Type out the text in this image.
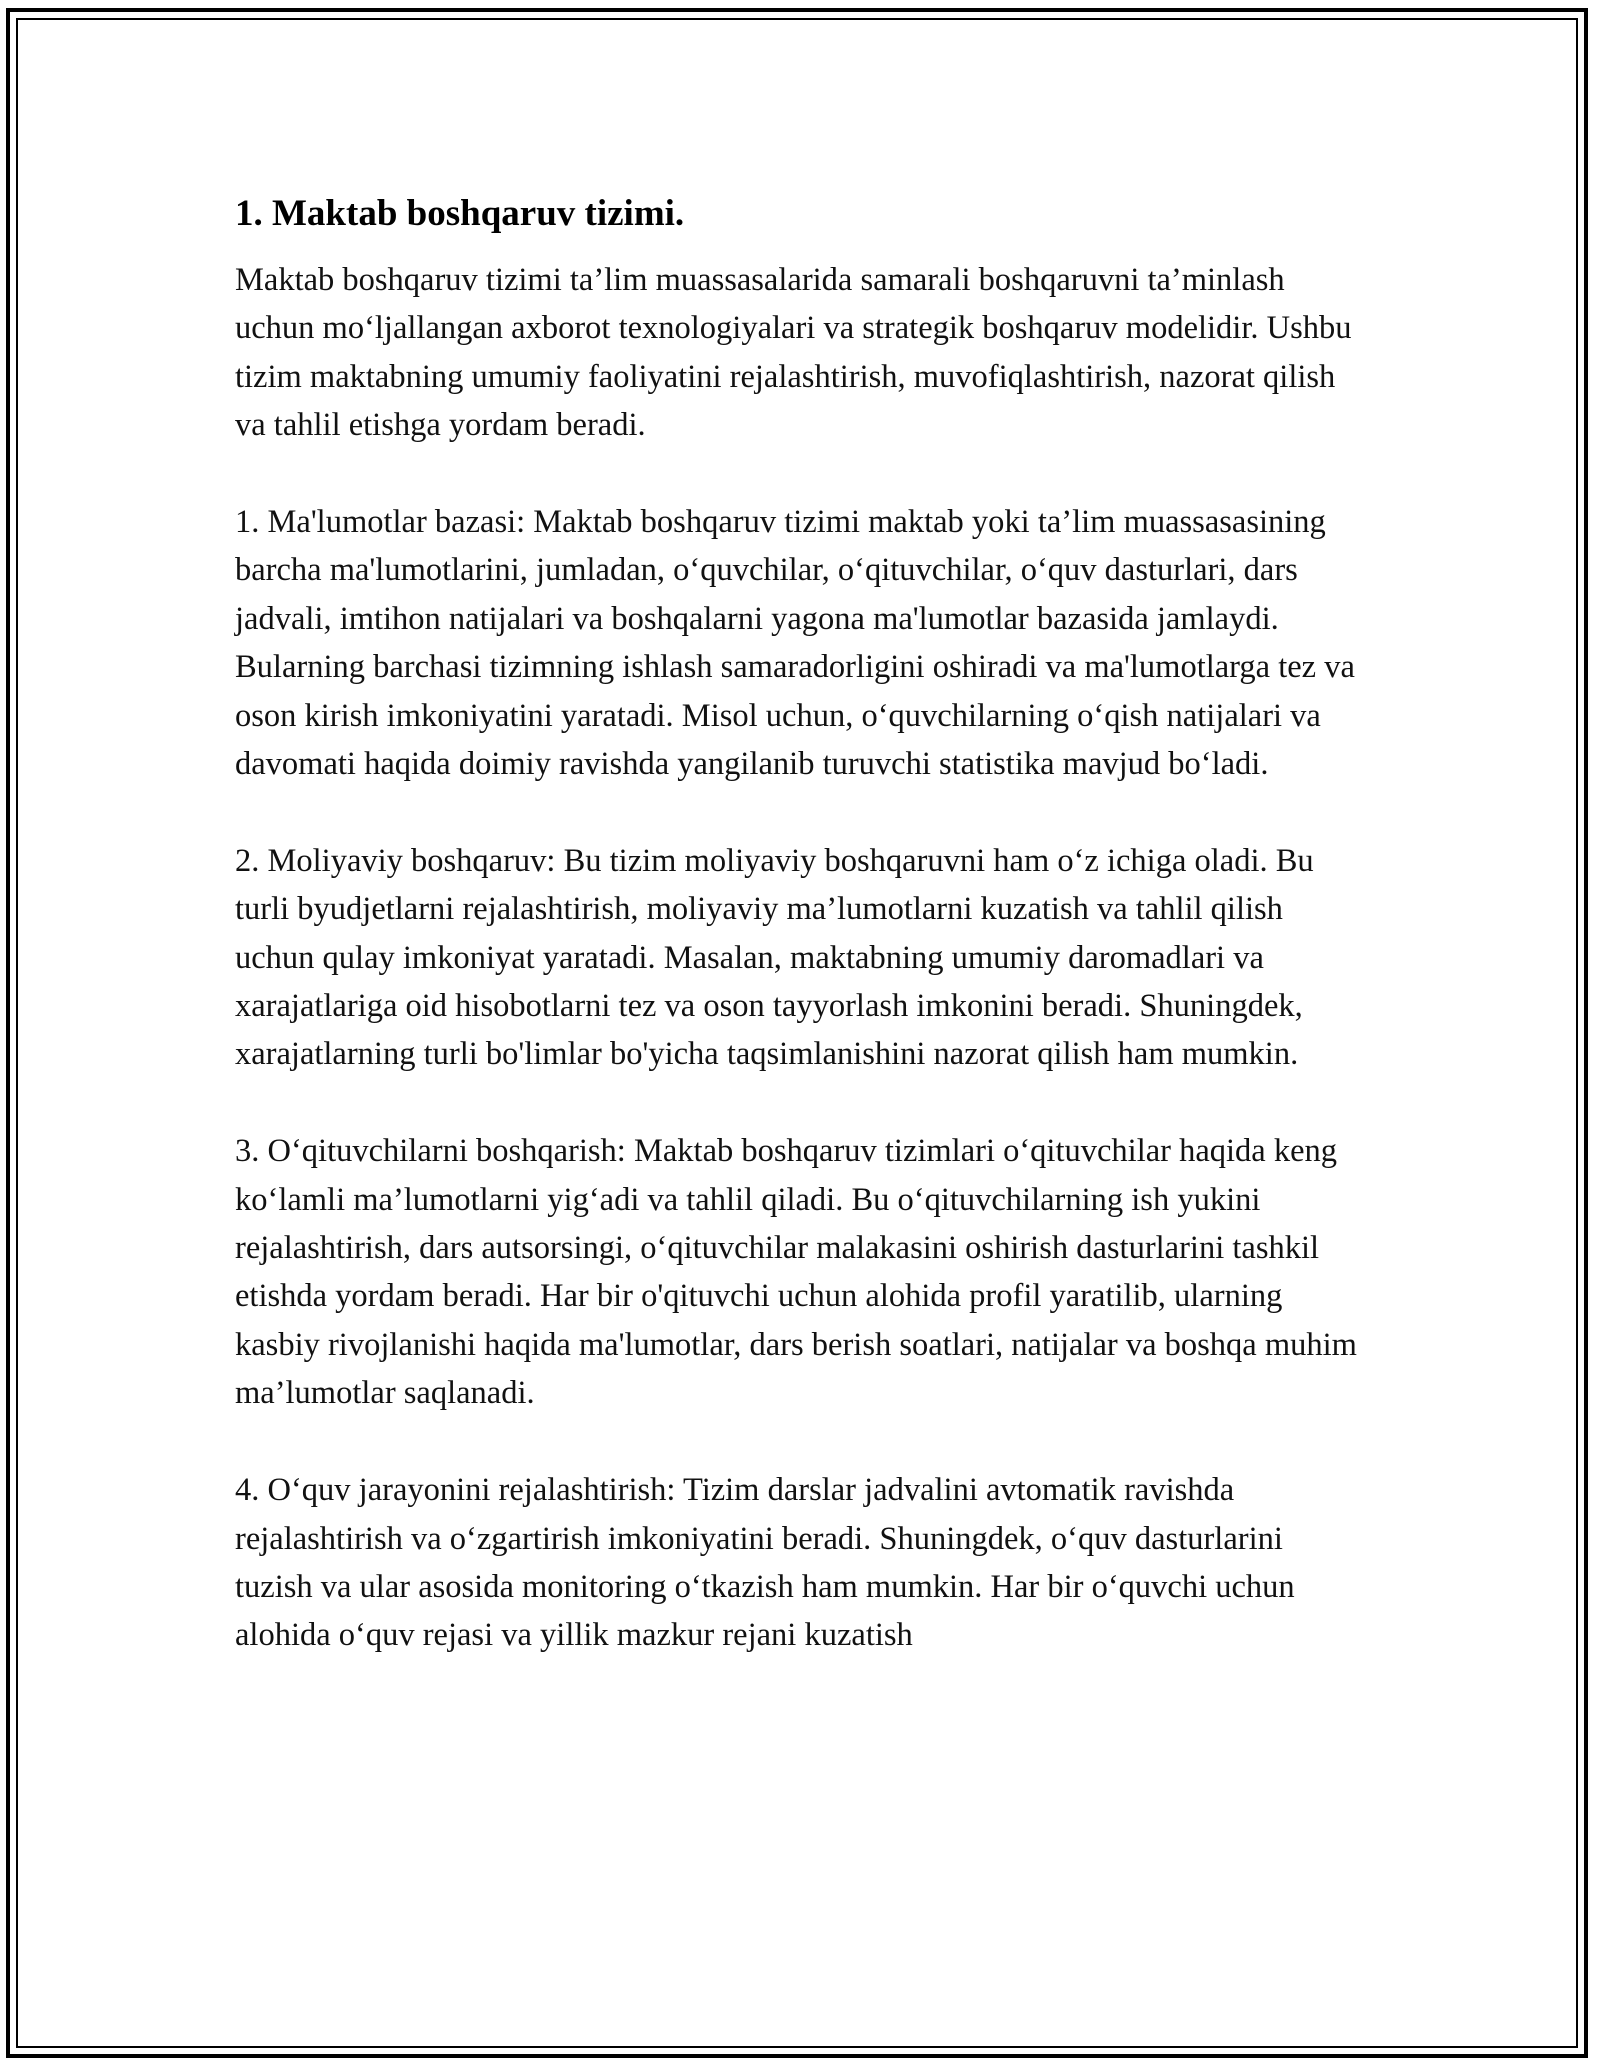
1. Maktab boshqaruv tizimi.

Maktab boshqaruv tizimi ta’lim muassasalarida samarali boshqaruvni ta’minlash uchun mo‘ljallangan axborot texnologiyalari va strategik boshqaruv modelidir. Ushbu tizim maktabning umumiy faoliyatini rejalashtirish, muvofiqlashtirish, nazorat qilish va tahlil etishga yordam beradi.

1. Ma'lumotlar bazasi: Maktab boshqaruv tizimi maktab yoki ta’lim muassasasining barcha ma'lumotlarini, jumladan, o‘quvchilar, o‘qituvchilar, o‘quv dasturlari, dars jadvali, imtihon natijalari va boshqalarni yagona ma'lumotlar bazasida jamlaydi. Bularning barchasi tizimning ishlash samaradorligini oshiradi va ma'lumotlarga tez va oson kirish imkoniyatini yaratadi. Misol uchun, o‘quvchilarning o‘qish natijalari va davomati haqida doimiy ravishda yangilanib turuvchi statistika mavjud bo‘ladi.

2. Moliyaviy boshqaruv: Bu tizim moliyaviy boshqaruvni ham o‘z ichiga oladi. Bu turli byudjetlarni rejalashtirish, moliyaviy ma’lumotlarni kuzatish va tahlil qilish uchun qulay imkoniyat yaratadi. Masalan, maktabning umumiy daromadlari va xarajatlariga oid hisobotlarni tez va oson tayyorlash imkonini beradi. Shuningdek, xarajatlarning turli bo'limlar bo'yicha taqsimlanishini nazorat qilish ham mumkin.

3. O‘qituvchilarni boshqarish: Maktab boshqaruv tizimlari o‘qituvchilar haqida keng ko‘lamli ma’lumotlarni yig‘adi va tahlil qiladi. Bu o‘qituvchilarning ish yukini rejalashtirish, dars autsorsingi, o‘qituvchilar malakasini oshirish dasturlarini tashkil etishda yordam beradi. Har bir o'qituvchi uchun alohida profil yaratilib, ularning kasbiy rivojlanishi haqida ma'lumotlar, dars berish soatlari, natijalar va boshqa muhim ma’lumotlar saqlanadi.

4. O‘quv jarayonini rejalashtirish: Tizim darslar jadvalini avtomatik ravishda rejalashtirish va o‘zgartirish imkoniyatini beradi. Shuningdek, o‘quv dasturlarini tuzish va ular asosida monitoring o‘tkazish ham mumkin. Har bir o‘quvchi uchun alohida o‘quv rejasi va yillik mazkur rejani kuzatish
